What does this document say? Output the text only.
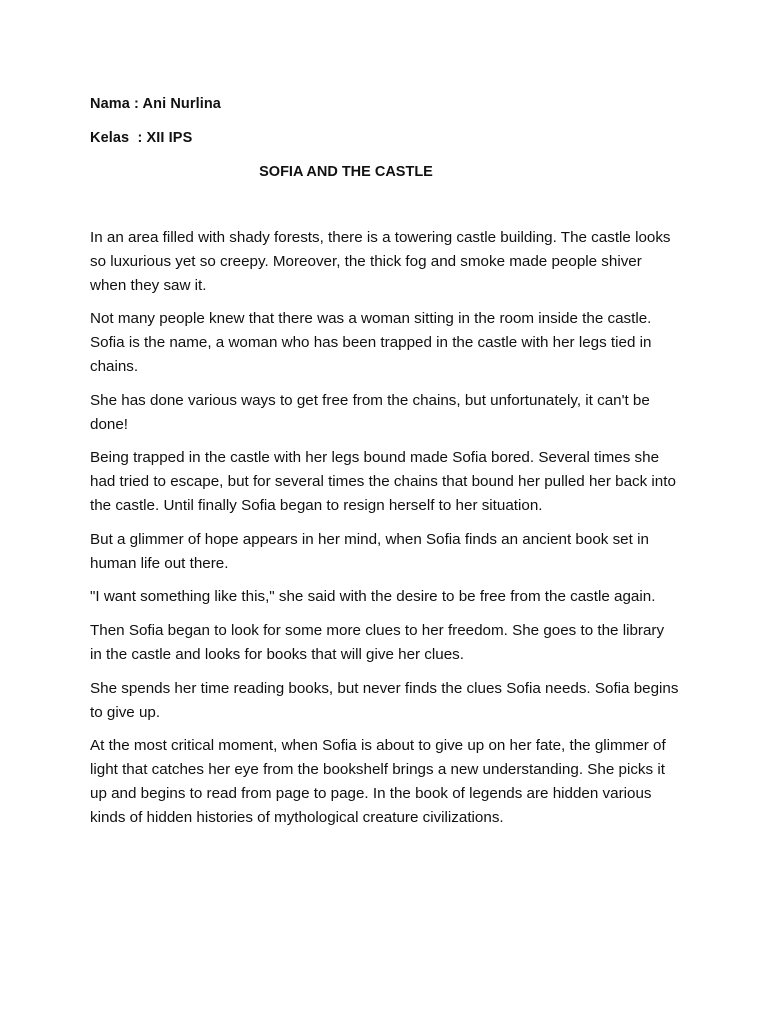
Nama : Ani Nurlina
Kelas  : XII IPS
SOFIA AND THE CASTLE

In an area filled with shady forests, there is a towering castle building. The castle looks so luxurious yet so creepy. Moreover, the thick fog and smoke made people shiver when they saw it.

Not many people knew that there was a woman sitting in the room inside the castle. Sofia is the name, a woman who has been trapped in the castle with her legs tied in chains.

She has done various ways to get free from the chains, but unfortunately, it can't be done!

Being trapped in the castle with her legs bound made Sofia bored. Several times she had tried to escape, but for several times the chains that bound her pulled her back into the castle. Until finally Sofia began to resign herself to her situation.

But a glimmer of hope appears in her mind, when Sofia finds an ancient book set in human life out there.

"I want something like this," she said with the desire to be free from the castle again.

Then Sofia began to look for some more clues to her freedom. She goes to the library in the castle and looks for books that will give her clues.

She spends her time reading books, but never finds the clues Sofia needs. Sofia begins to give up.

At the most critical moment, when Sofia is about to give up on her fate, the glimmer of light that catches her eye from the bookshelf brings a new understanding. She picks it up and begins to read from page to page. In the book of legends are hidden various kinds of hidden histories of mythological creature civilizations.
